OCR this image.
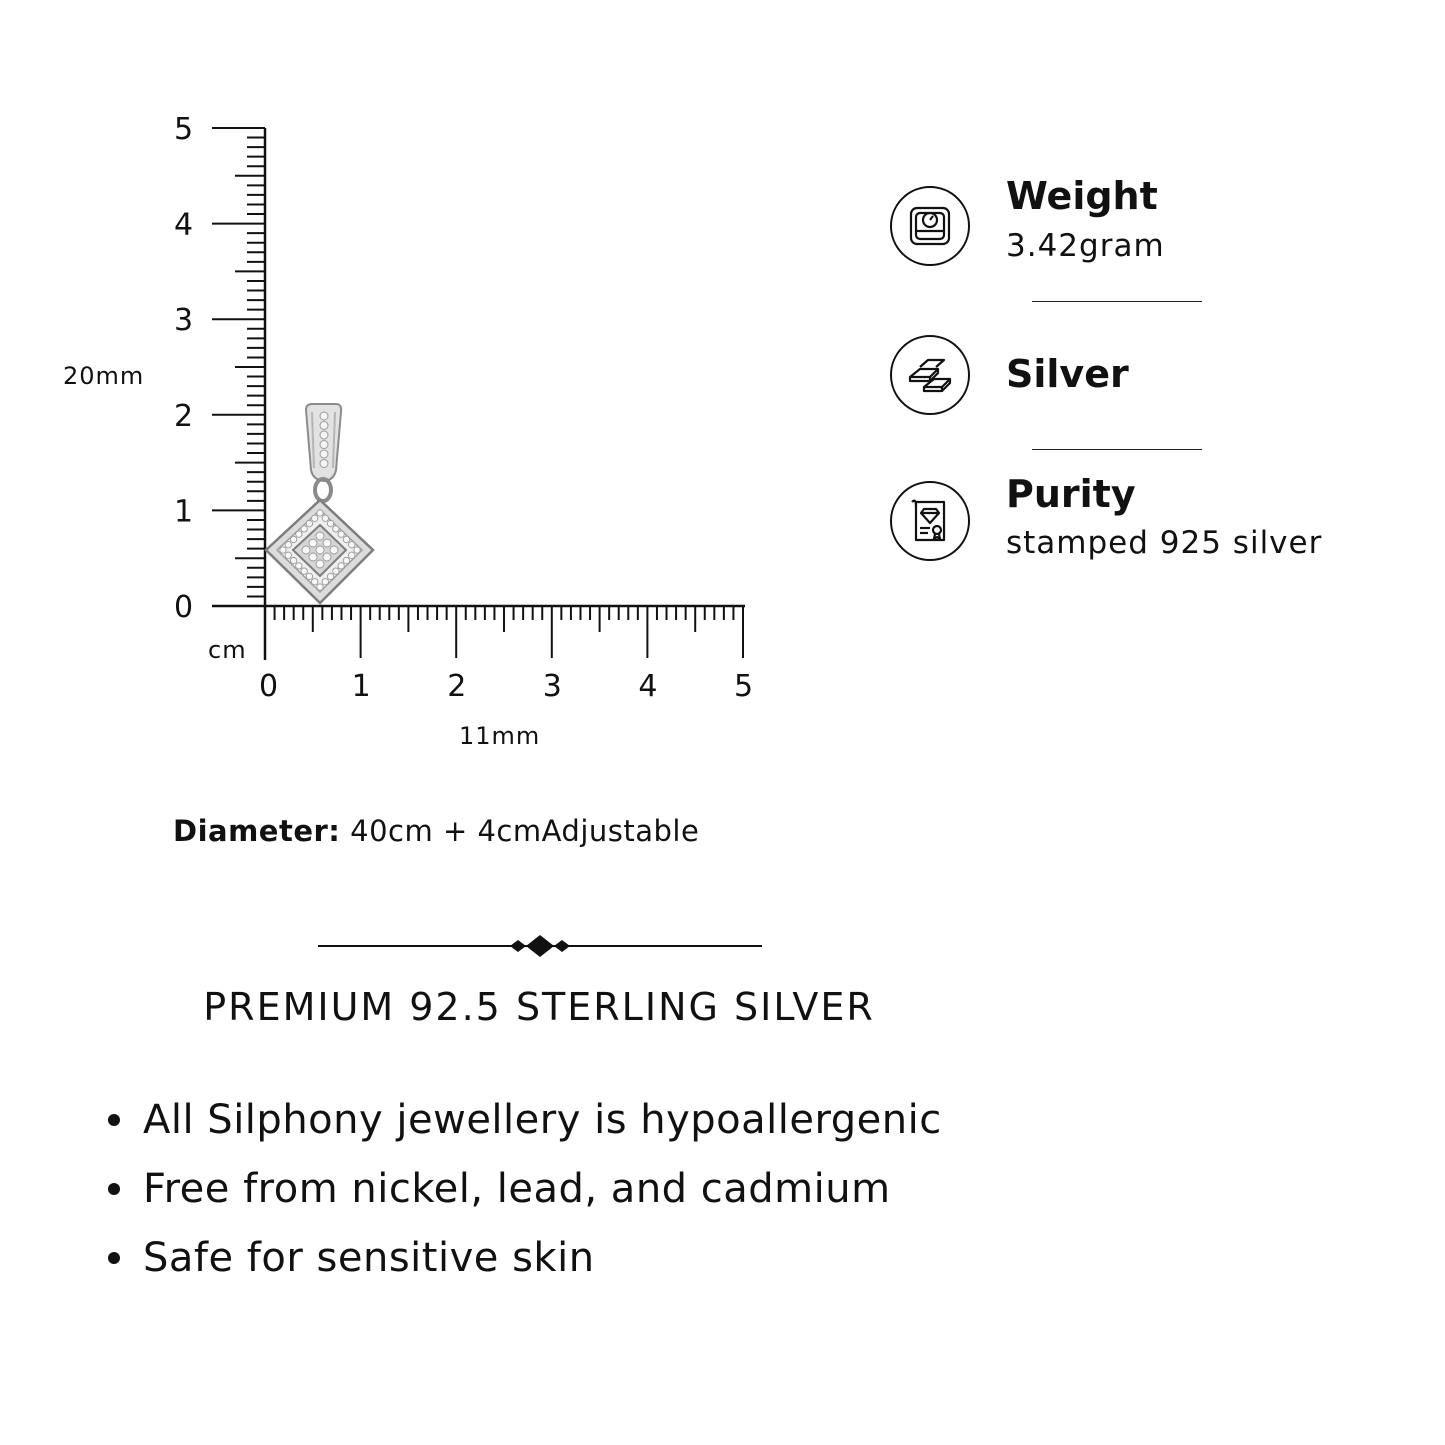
5
4
3
2
1
0
0 1	2	3	4	5
cm
20mm
11mm
Weight
3.42gram
Silver
Purity
stamped 925 silver
Diameter: 40cm + 4cmAdjustable
PREMIUM 92.5 STERLING SILVER
All Silphony jewellery is hypoallergenic
Free from nickel, lead, and cadmium
Safe for sensitive skin
